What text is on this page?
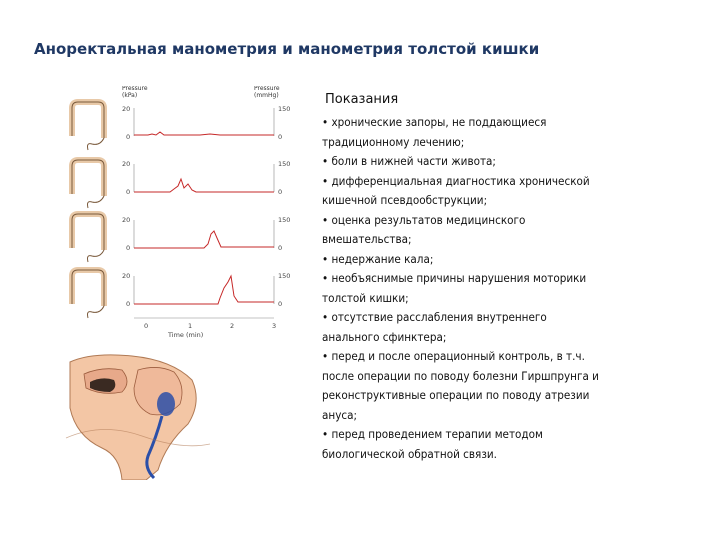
Аноректальная манометрия и манометрия толстой кишки
Pressure
(kPa)
Pressure
(mmHg)
20
0
20
0
20
0
20
0
150
0
150
0
150
0
150
0
0	1	2	3
Time (min)
Показания
• хронические запоры, не поддающиеся
традиционному лечению;
• боли в нижней части живота;
• дифференциальная диагностика хронической
кишечной псевдообструкции;
• оценка результатов медицинского
вмешательства;
• недержание кала;
• необъяснимые причины нарушения моторики
толстой кишки;
• отсутствие расслабления внутреннего
анального сфинктера;
• перед и после операционный контроль, в т.ч.
после операции по поводу болезни Гиршпрунга и
реконструктивные операции по поводу атрезии
ануса;
• перед проведением терапии методом
биологической обратной связи.
